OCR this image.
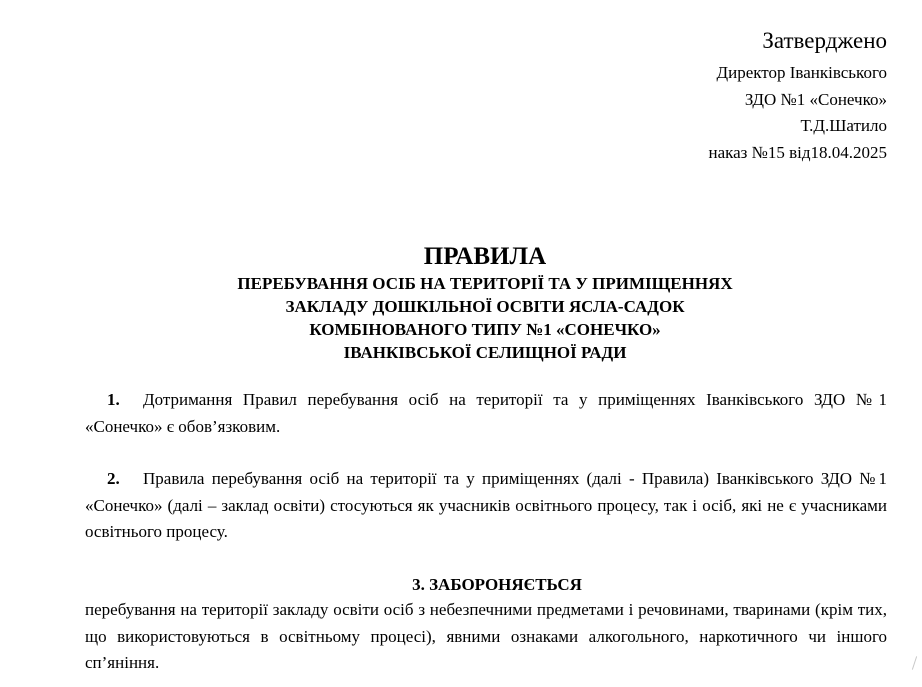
Затверджено
Директор Іванківського
ЗДО №1 «Сонечко»
Т.Д.Шатило
наказ №15 від18.04.2025
ПРАВИЛА
ПЕРЕБУВАННЯ ОСІБ НА ТЕРИТОРІЇ ТА У ПРИМІЩЕННЯХ
ЗАКЛАДУ ДОШКІЛЬНОЇ ОСВІТИ ЯСЛА-САДОК
КОМБІНОВАНОГО ТИПУ №1 «СОНЕЧКО»
ІВАНКІВСЬКОЇ СЕЛИЩНОЇ РАДИ

1. Дотримання Правил перебування осіб на території та у приміщеннях Іванківського ЗДО №1 «Сонечко» є обов’язковим.

2. Правила перебування осіб на території та у приміщеннях (далі - Правила) Іванківського ЗДО №1 «Сонечко» (далі – заклад освіти) стосуються як учасників освітнього процесу, так і осіб, які не є учасниками освітнього процесу.

3. ЗАБОРОНЯЄТЬСЯ

перебування на території закладу освіти осіб з небезпечними предметами і речовинами, тваринами (крім тих, що використовуються в освітньому процесі), явними ознаками алкогольного, наркотичного чи іншого сп’яніння.
